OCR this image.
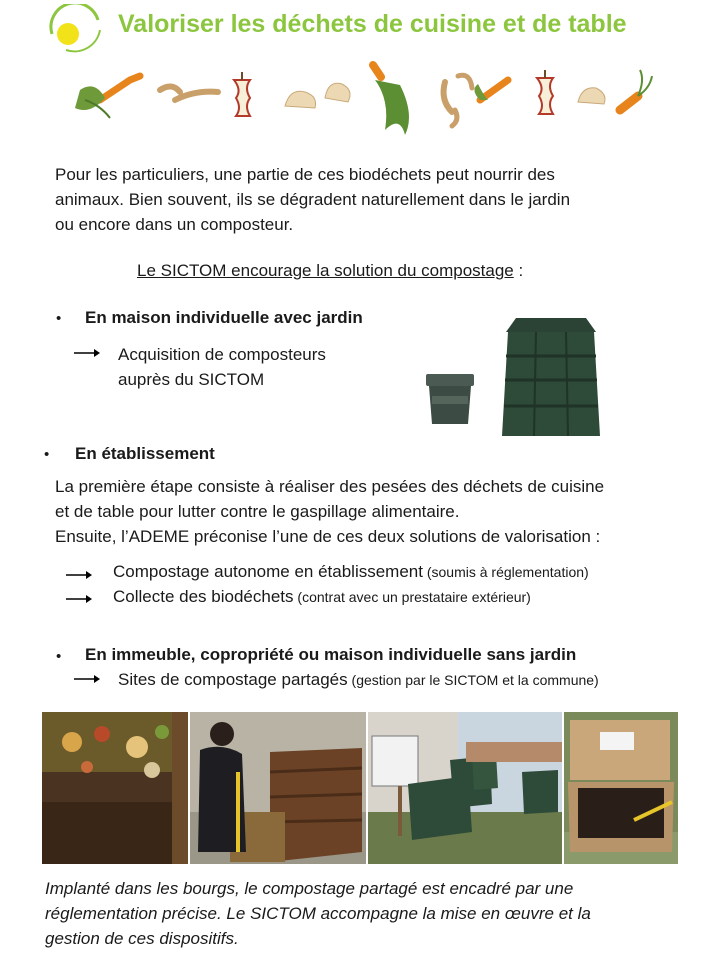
Valoriser les déchets de cuisine et de table
Pour les particuliers, une partie de ces biodéchets peut nourrir des
animaux. Bien souvent, ils se dégradent naturellement dans le jardin
ou encore dans un composteur.
Le SICTOM encourage la solution du compostage :
• En maison individuelle avec jardin
Acquisition de composteurs
auprès du SICTOM
• En établissement
La première étape consiste à réaliser des pesées des déchets de cuisine
et de table pour lutter contre le gaspillage alimentaire.
Ensuite, l’ADEME préconise l’une de ces deux solutions de valorisation :
Compostage autonome en établissement (soumis à réglementation)
Collecte des biodéchets (contrat avec un prestataire extérieur)
• En immeuble, copropriété ou maison individuelle sans jardin
Sites de compostage partagés (gestion par le SICTOM et la commune)
Implanté dans les bourgs, le compostage partagé est encadré par une
réglementation précise. Le SICTOM accompagne la mise en œuvre et la
gestion de ces dispositifs.
